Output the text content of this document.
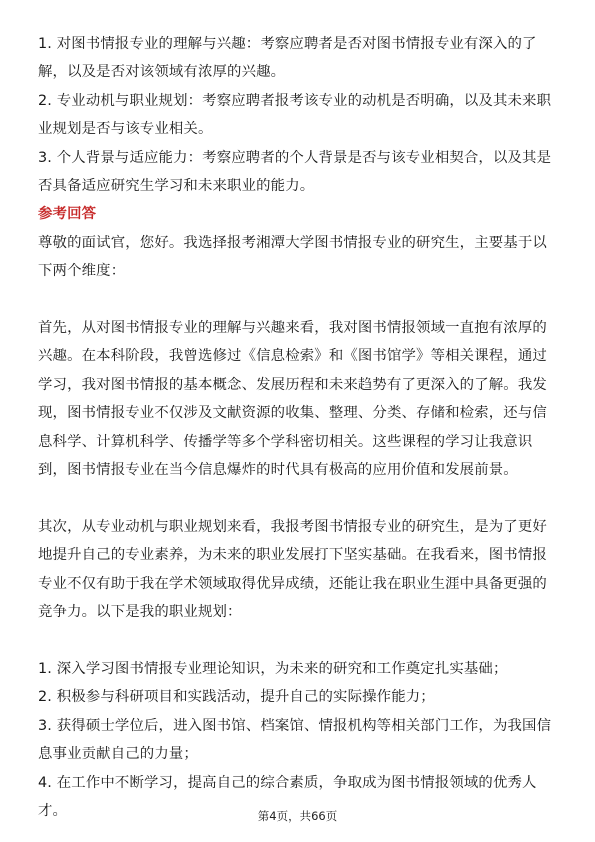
1. 对图书情报专业的理解与兴趣：考察应聘者是否对图书情报专业有深入的了解，以及是否对该领域有浓厚的兴趣。

2. 专业动机与职业规划：考察应聘者报考该专业的动机是否明确，以及其未来职业规划是否与该专业相关。

3. 个人背景与适应能力：考察应聘者的个人背景是否与该专业相契合，以及其是否具备适应研究生学习和未来职业的能力。

参考回答

尊敬的面试官，您好。我选择报考湘潭大学图书情报专业的研究生，主要基于以下两个维度：

首先，从对图书情报专业的理解与兴趣来看，我对图书情报领域一直抱有浓厚的兴趣。在本科阶段，我曾选修过《信息检索》和《图书馆学》等相关课程，通过学习，我对图书情报的基本概念、发展历程和未来趋势有了更深入的了解。我发现，图书情报专业不仅涉及文献资源的收集、整理、分类、存储和检索，还与信息科学、计算机科学、传播学等多个学科密切相关。这些课程的学习让我意识到，图书情报专业在当今信息爆炸的时代具有极高的应用价值和发展前景。

其次，从专业动机与职业规划来看，我报考图书情报专业的研究生，是为了更好地提升自己的专业素养，为未来的职业发展打下坚实基础。在我看来，图书情报专业不仅有助于我在学术领域取得优异成绩，还能让我在职业生涯中具备更强的竞争力。以下是我的职业规划：

1. 深入学习图书情报专业理论知识，为未来的研究和工作奠定扎实基础；

2. 积极参与科研项目和实践活动，提升自己的实际操作能力；

3. 获得硕士学位后，进入图书馆、档案馆、情报机构等相关部门工作，为我国信息事业贡献自己的力量；

4. 在工作中不断学习，提高自己的综合素质，争取成为图书情报领域的优秀人才。	第4页，共66页
